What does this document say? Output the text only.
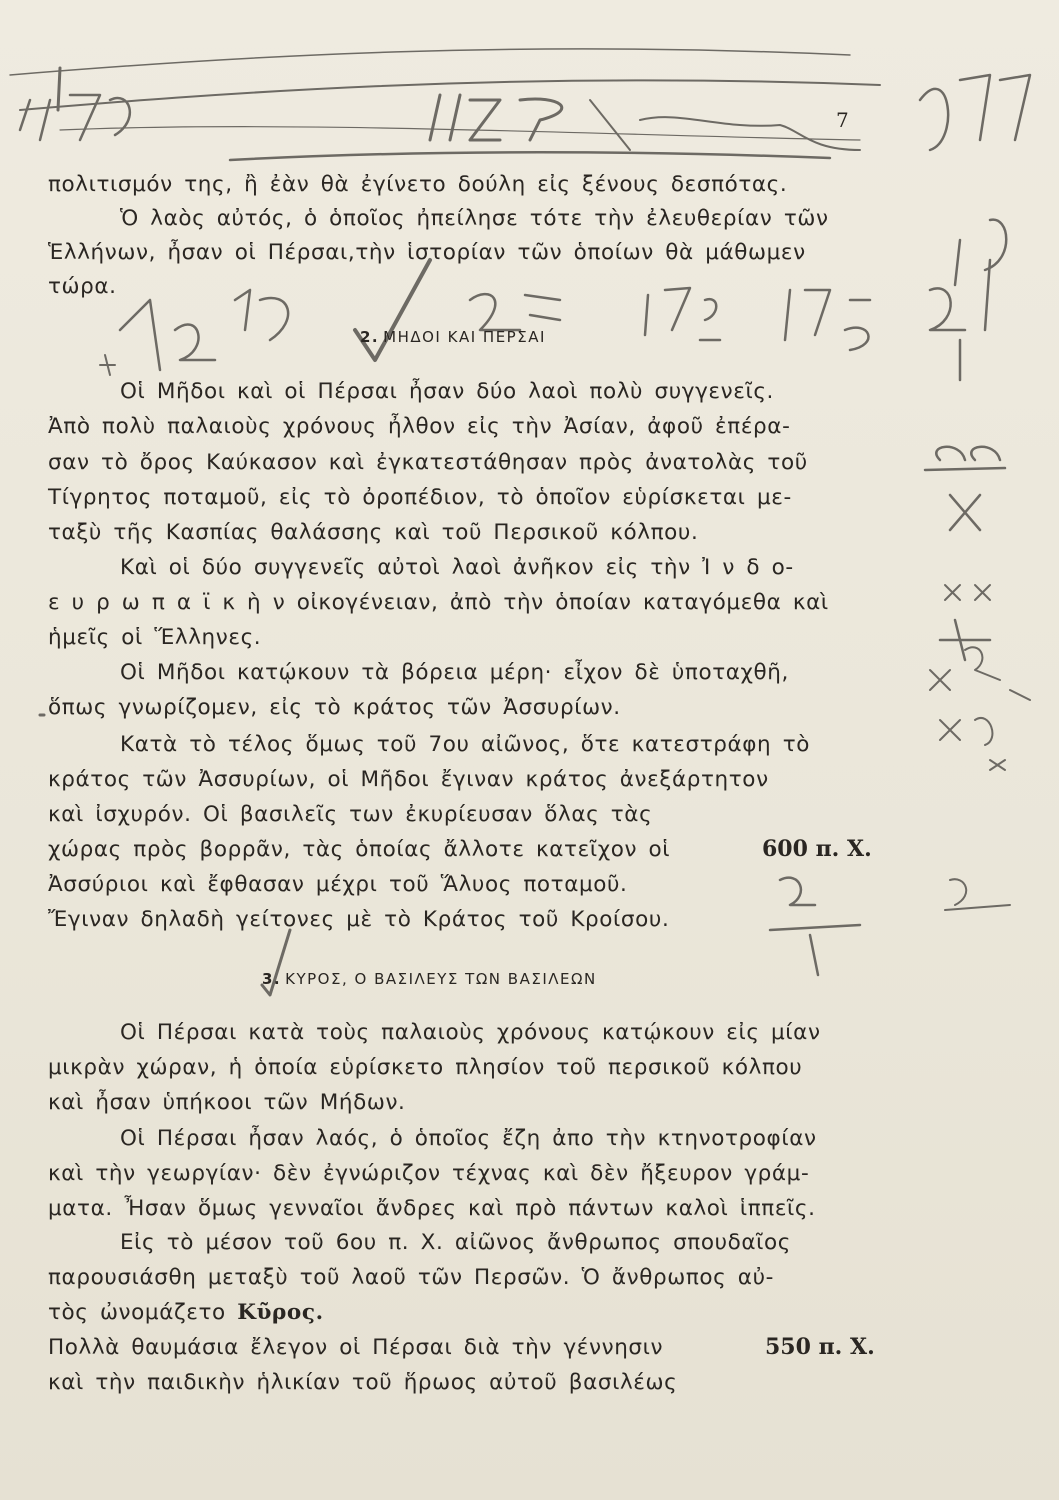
7
πολιτισμόν της, ἢ ἐὰν θὰ ἐγίνετο δούλη εἰς ξένους δεσπότας.
Ὁ λαὸς αὐτός, ὁ ὁποῖος ἠπείλησε τότε τὴν ἐλευθερίαν τῶν
Ἑλλήνων, ἦσαν οἱ Πέρσαι,τὴν ἱστορίαν τῶν ὁποίων θὰ μάθωμεν
τώρα.
2. ΜΗΔΟΙ ΚΑΙ ΠΕΡΣΑΙ
Οἱ Μῆδοι καὶ οἱ Πέρσαι ἦσαν δύο λαοὶ πολὺ συγγενεῖς.
Ἀπὸ πολὺ παλαιοὺς χρόνους ἦλθον εἰς τὴν Ἀσίαν, ἀφοῦ ἐπέρα-
σαν τὸ ὄρος Καύκασον καὶ ἐγκατεστάθησαν πρὸς ἀνατολὰς τοῦ
Τίγρητος ποταμοῦ, εἰς τὸ ὀροπέδιον, τὸ ὁποῖον εὑρίσκεται με-
ταξὺ τῆς Κασπίας θαλάσσης καὶ τοῦ Περσικοῦ κόλπου.
Καὶ οἱ δύο συγγενεῖς αὐτοὶ λαοὶ ἀνῆκον εἰς τὴν Ἰ ν δ ο-
ε υ ρ ω π α ϊ κ ὴ ν οἰκογένειαν, ἀπὸ τὴν ὁποίαν καταγόμεθα καὶ
ἡμεῖς οἱ Ἕλληνες.
Οἱ Μῆδοι κατῴκουν τὰ βόρεια μέρη· εἶχον δὲ ὑποταχθῆ,
ὅπως γνωρίζομεν, εἰς τὸ κράτος τῶν Ἀσσυρίων.
Κατὰ τὸ τέλος ὅμως τοῦ 7ου αἰῶνος, ὅτε κατεστράφη τὸ
κράτος τῶν Ἀσσυρίων, οἱ Μῆδοι ἔγιναν κράτος ἀνεξάρτητον
καὶ ἰσχυρόν. Οἱ βασιλεῖς των ἐκυρίευσαν ὅλας τὰς
χώρας πρὸς βορρᾶν, τὰς ὁποίας ἄλλοτε κατεῖχον οἱ	600 π. Χ.
Ἀσσύριοι καὶ ἔφθασαν μέχρι τοῦ Ἅλυος ποταμοῦ.
Ἔγιναν δηλαδὴ γείτονες μὲ τὸ Κράτος τοῦ Κροίσου.
3. ΚΥΡΟΣ, Ο ΒΑΣΙΛΕΥΣ ΤΩΝ ΒΑΣΙΛΕΩΝ
Οἱ Πέρσαι κατὰ τοὺς παλαιοὺς χρόνους κατῴκουν εἰς μίαν
μικρὰν χώραν, ἡ ὁποία εὑρίσκετο πλησίον τοῦ περσικοῦ κόλπου
καὶ ἦσαν ὑπήκοοι τῶν Μήδων.
Οἱ Πέρσαι ἦσαν λαός, ὁ ὁποῖος ἔζη ἀπο τὴν κτηνοτροφίαν
καὶ τὴν γεωργίαν· δὲν ἐγνώριζον τέχνας καὶ δὲν ἤξευρον γράμ-
ματα. Ἦσαν ὅμως γενναῖοι ἄνδρες καὶ πρὸ πάντων καλοὶ ἱππεῖς.
Εἰς τὸ μέσον τοῦ 6ου π. Χ. αἰῶνος ἄνθρωπος σπουδαῖος
παρουσιάσθη μεταξὺ τοῦ λαοῦ τῶν Περσῶν. Ὁ ἄνθρωπος αὐ-
τὸς ὠνομάζετο Κῦρος.
Πολλὰ θαυμάσια ἔλεγον οἱ Πέρσαι διὰ τὴν γέννησιν	550 π. Χ.
καὶ τὴν παιδικὴν ἡλικίαν τοῦ ἥρωος αὐτοῦ βασιλέως
